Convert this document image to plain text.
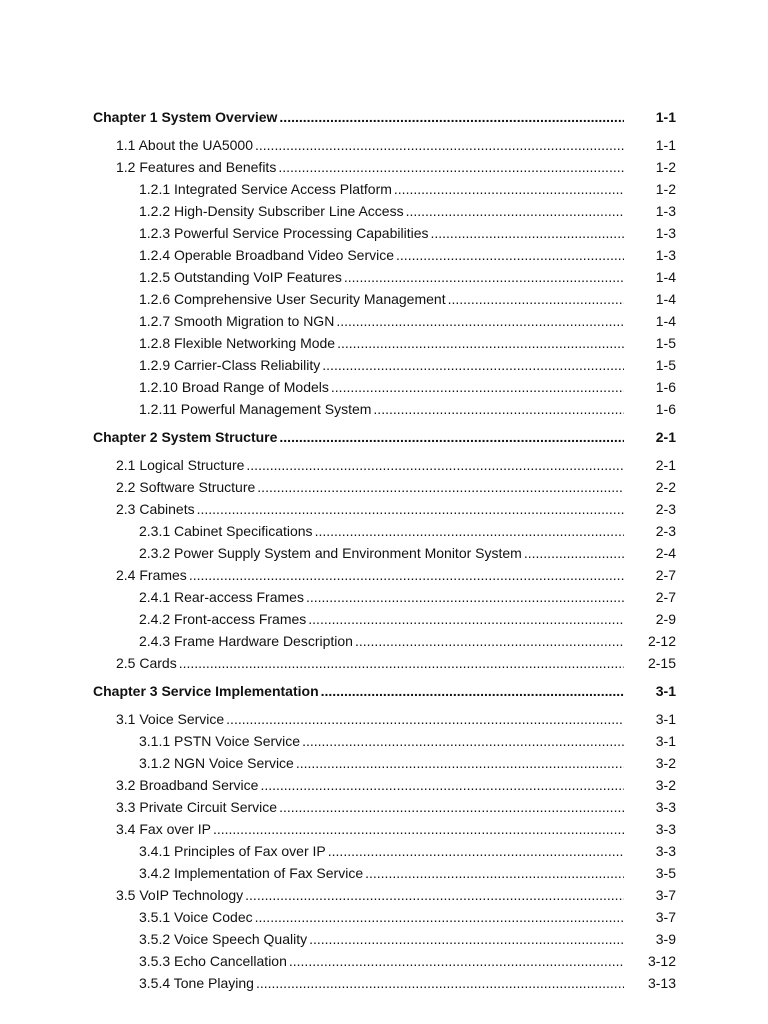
Chapter 1 System Overview .....	1-1
1.1 About the UA5000 .....	1-1
1.2 Features and Benefits .....	1-2
1.2.1 Integrated Service Access Platform .....	1-2
1.2.2 High-Density Subscriber Line Access .....	1-3
1.2.3 Powerful Service Processing Capabilities .....	1-3
1.2.4 Operable Broadband Video Service .....	1-3
1.2.5 Outstanding VoIP Features .....	1-4
1.2.6 Comprehensive User Security Management .....	1-4
1.2.7 Smooth Migration to NGN .....	1-4
1.2.8 Flexible Networking Mode .....	1-5
1.2.9 Carrier-Class Reliability .....	1-5
1.2.10 Broad Range of Models .....	1-6
1.2.11 Powerful Management System .....	1-6
Chapter 2 System Structure .....	2-1
2.1 Logical Structure .....	2-1
2.2 Software Structure .....	2-2
2.3 Cabinets .....	2-3
2.3.1 Cabinet Specifications .....	2-3
2.3.2 Power Supply System and Environment Monitor System .....	2-4
2.4 Frames .....	2-7
2.4.1 Rear-access Frames .....	2-7
2.4.2 Front-access Frames .....	2-9
2.4.3 Frame Hardware Description .....	2-12
2.5 Cards .....	2-15
Chapter 3 Service Implementation .....	3-1
3.1 Voice Service .....	3-1
3.1.1 PSTN Voice Service .....	3-1
3.1.2 NGN Voice Service .....	3-2
3.2 Broadband Service .....	3-2
3.3 Private Circuit Service .....	3-3
3.4 Fax over IP .....	3-3
3.4.1 Principles of Fax over IP .....	3-3
3.4.2 Implementation of Fax Service .....	3-5
3.5 VoIP Technology .....	3-7
3.5.1 Voice Codec .....	3-7
3.5.2 Voice Speech Quality .....	3-9
3.5.3 Echo Cancellation .....	3-12
3.5.4 Tone Playing .....	3-13
